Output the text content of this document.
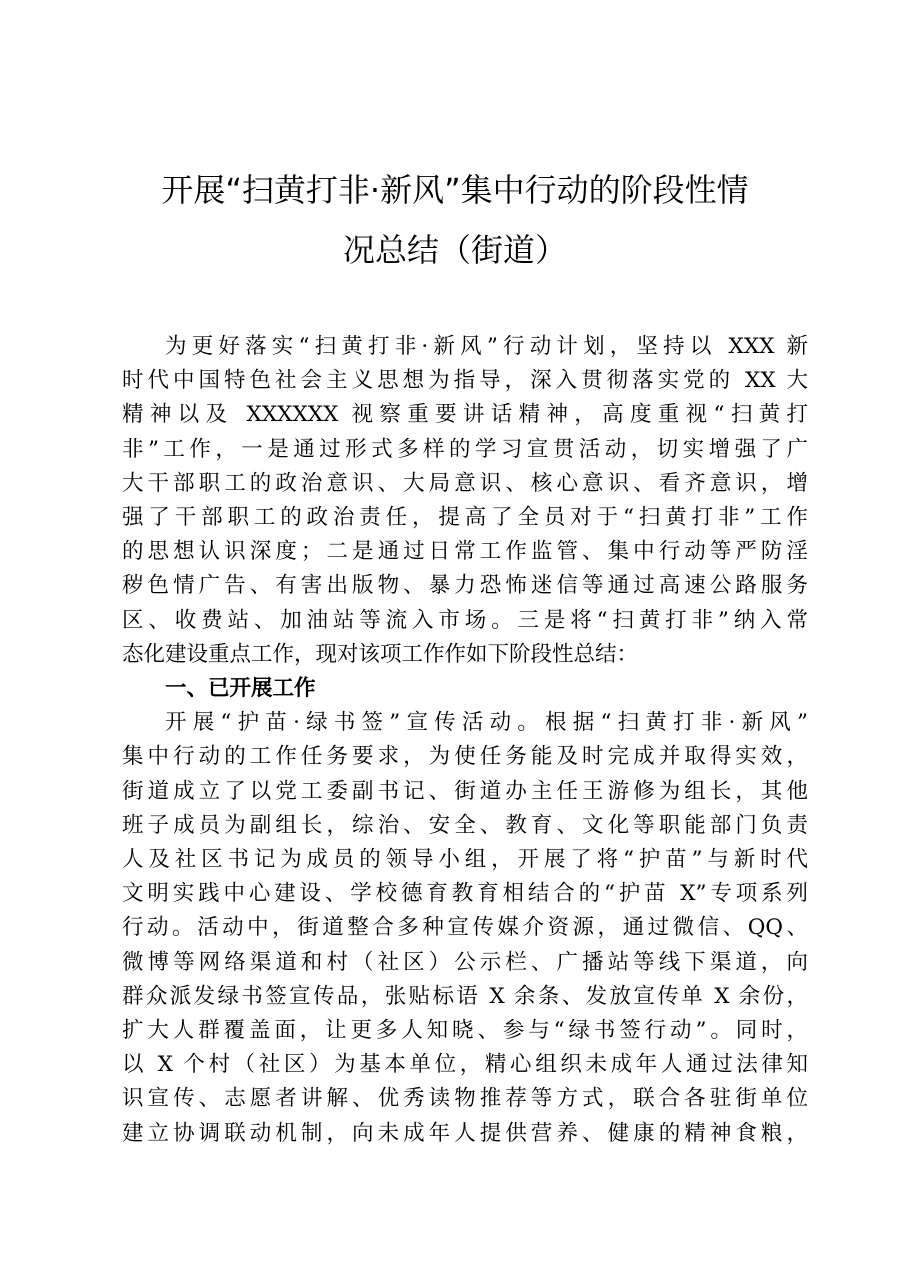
开展“扫黄打非·新风”集中行动的阶段性情
况总结（街道）

为更好落实“扫黄打非·新风”行动计划，坚持以 XXX 新
时代中国特色社会主义思想为指导，深入贯彻落实党的 XX 大
精神以及 XXXXXX 视察重要讲话精神，高度重视“扫黄打
非”工作，一是通过形式多样的学习宣贯活动，切实增强了广
大干部职工的政治意识、大局意识、核心意识、看齐意识，增
强了干部职工的政治责任，提高了全员对于“扫黄打非”工作
的思想认识深度；二是通过日常工作监管、集中行动等严防淫
秽色情广告、有害出版物、暴力恐怖迷信等通过高速公路服务
区、收费站、加油站等流入市场。三是将“扫黄打非”纳入常
态化建设重点工作，现对该项工作作如下阶段性总结：

一、已开展工作

开展“护苗·绿书签”宣传活动。根据“扫黄打非·新风”
集中行动的工作任务要求，为使任务能及时完成并取得实效，
街道成立了以党工委副书记、街道办主任王游修为组长，其他
班子成员为副组长，综治、安全、教育、文化等职能部门负责
人及社区书记为成员的领导小组，开展了将“护苗”与新时代
文明实践中心建设、学校德育教育相结合的“护苗 X”专项系列
行动。活动中，街道整合多种宣传媒介资源，通过微信、QQ、
微博等网络渠道和村（社区）公示栏、广播站等线下渠道，向
群众派发绿书签宣传品，张贴标语 X 余条、发放宣传单 X 余份，
扩大人群覆盖面，让更多人知晓、参与“绿书签行动”。同时，
以 X 个村（社区）为基本单位，精心组织未成年人通过法律知
识宣传、志愿者讲解、优秀读物推荐等方式，联合各驻街单位
建立协调联动机制，向未成年人提供营养、健康的精神食粮，
